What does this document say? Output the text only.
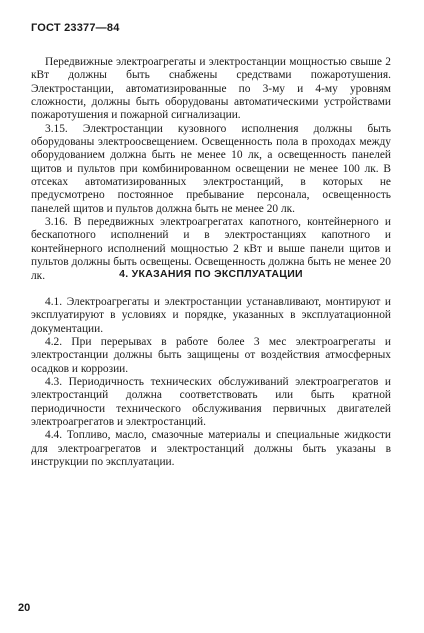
ГОСТ 23377—84

Передвижные электроагрегаты и электростанции мощностью свыше 2 кВт должны быть снабжены средствами пожаротушения. Электростанции, автоматизированные по 3-му и 4-му уровням сложности, должны быть оборудованы автоматическими устройствами пожаротушения и пожарной сигнализации.

3.15. Электростанции кузовного исполнения должны быть оборудованы электроосвещением. Освещенность пола в проходах между оборудованием должна быть не менее 10 лк, а освещенность панелей щитов и пультов при комбинированном освещении не менее 100 лк. В отсеках автоматизированных электростанций, в которых не предусмотрено постоянное пребывание персонала, освещенность панелей щитов и пультов должна быть не менее 20 лк.

3.16. В передвижных электроагрегатах капотного, контейнерного и бескапотного исполнений и в электростанциях капотного и контейнерного исполнений мощностью 2 кВт и выше панели щитов и пультов должны быть освещены. Освещенность должна быть не менее 20 лк.	4. УКАЗАНИЯ ПО ЭКСПЛУАТАЦИИ

4.1. Электроагрегаты и электростанции устанавливают, монтируют и эксплуатируют в условиях и порядке, указанных в эксплуатационной документации.

4.2. При перерывах в работе более 3 мес электроагрегаты и электростанции должны быть защищены от воздействия атмосферных осадков и коррозии.

4.3. Периодичность технических обслуживаний электроагрегатов и электростанций должна соответствовать или быть кратной периодичности технического обслуживания первичных двигателей электроагрегатов и электростанций.

4.4. Топливо, масло, смазочные материалы и специальные жидкости для электроагрегатов и электростанций должны быть указаны в инструкции по эксплуатации.

20
